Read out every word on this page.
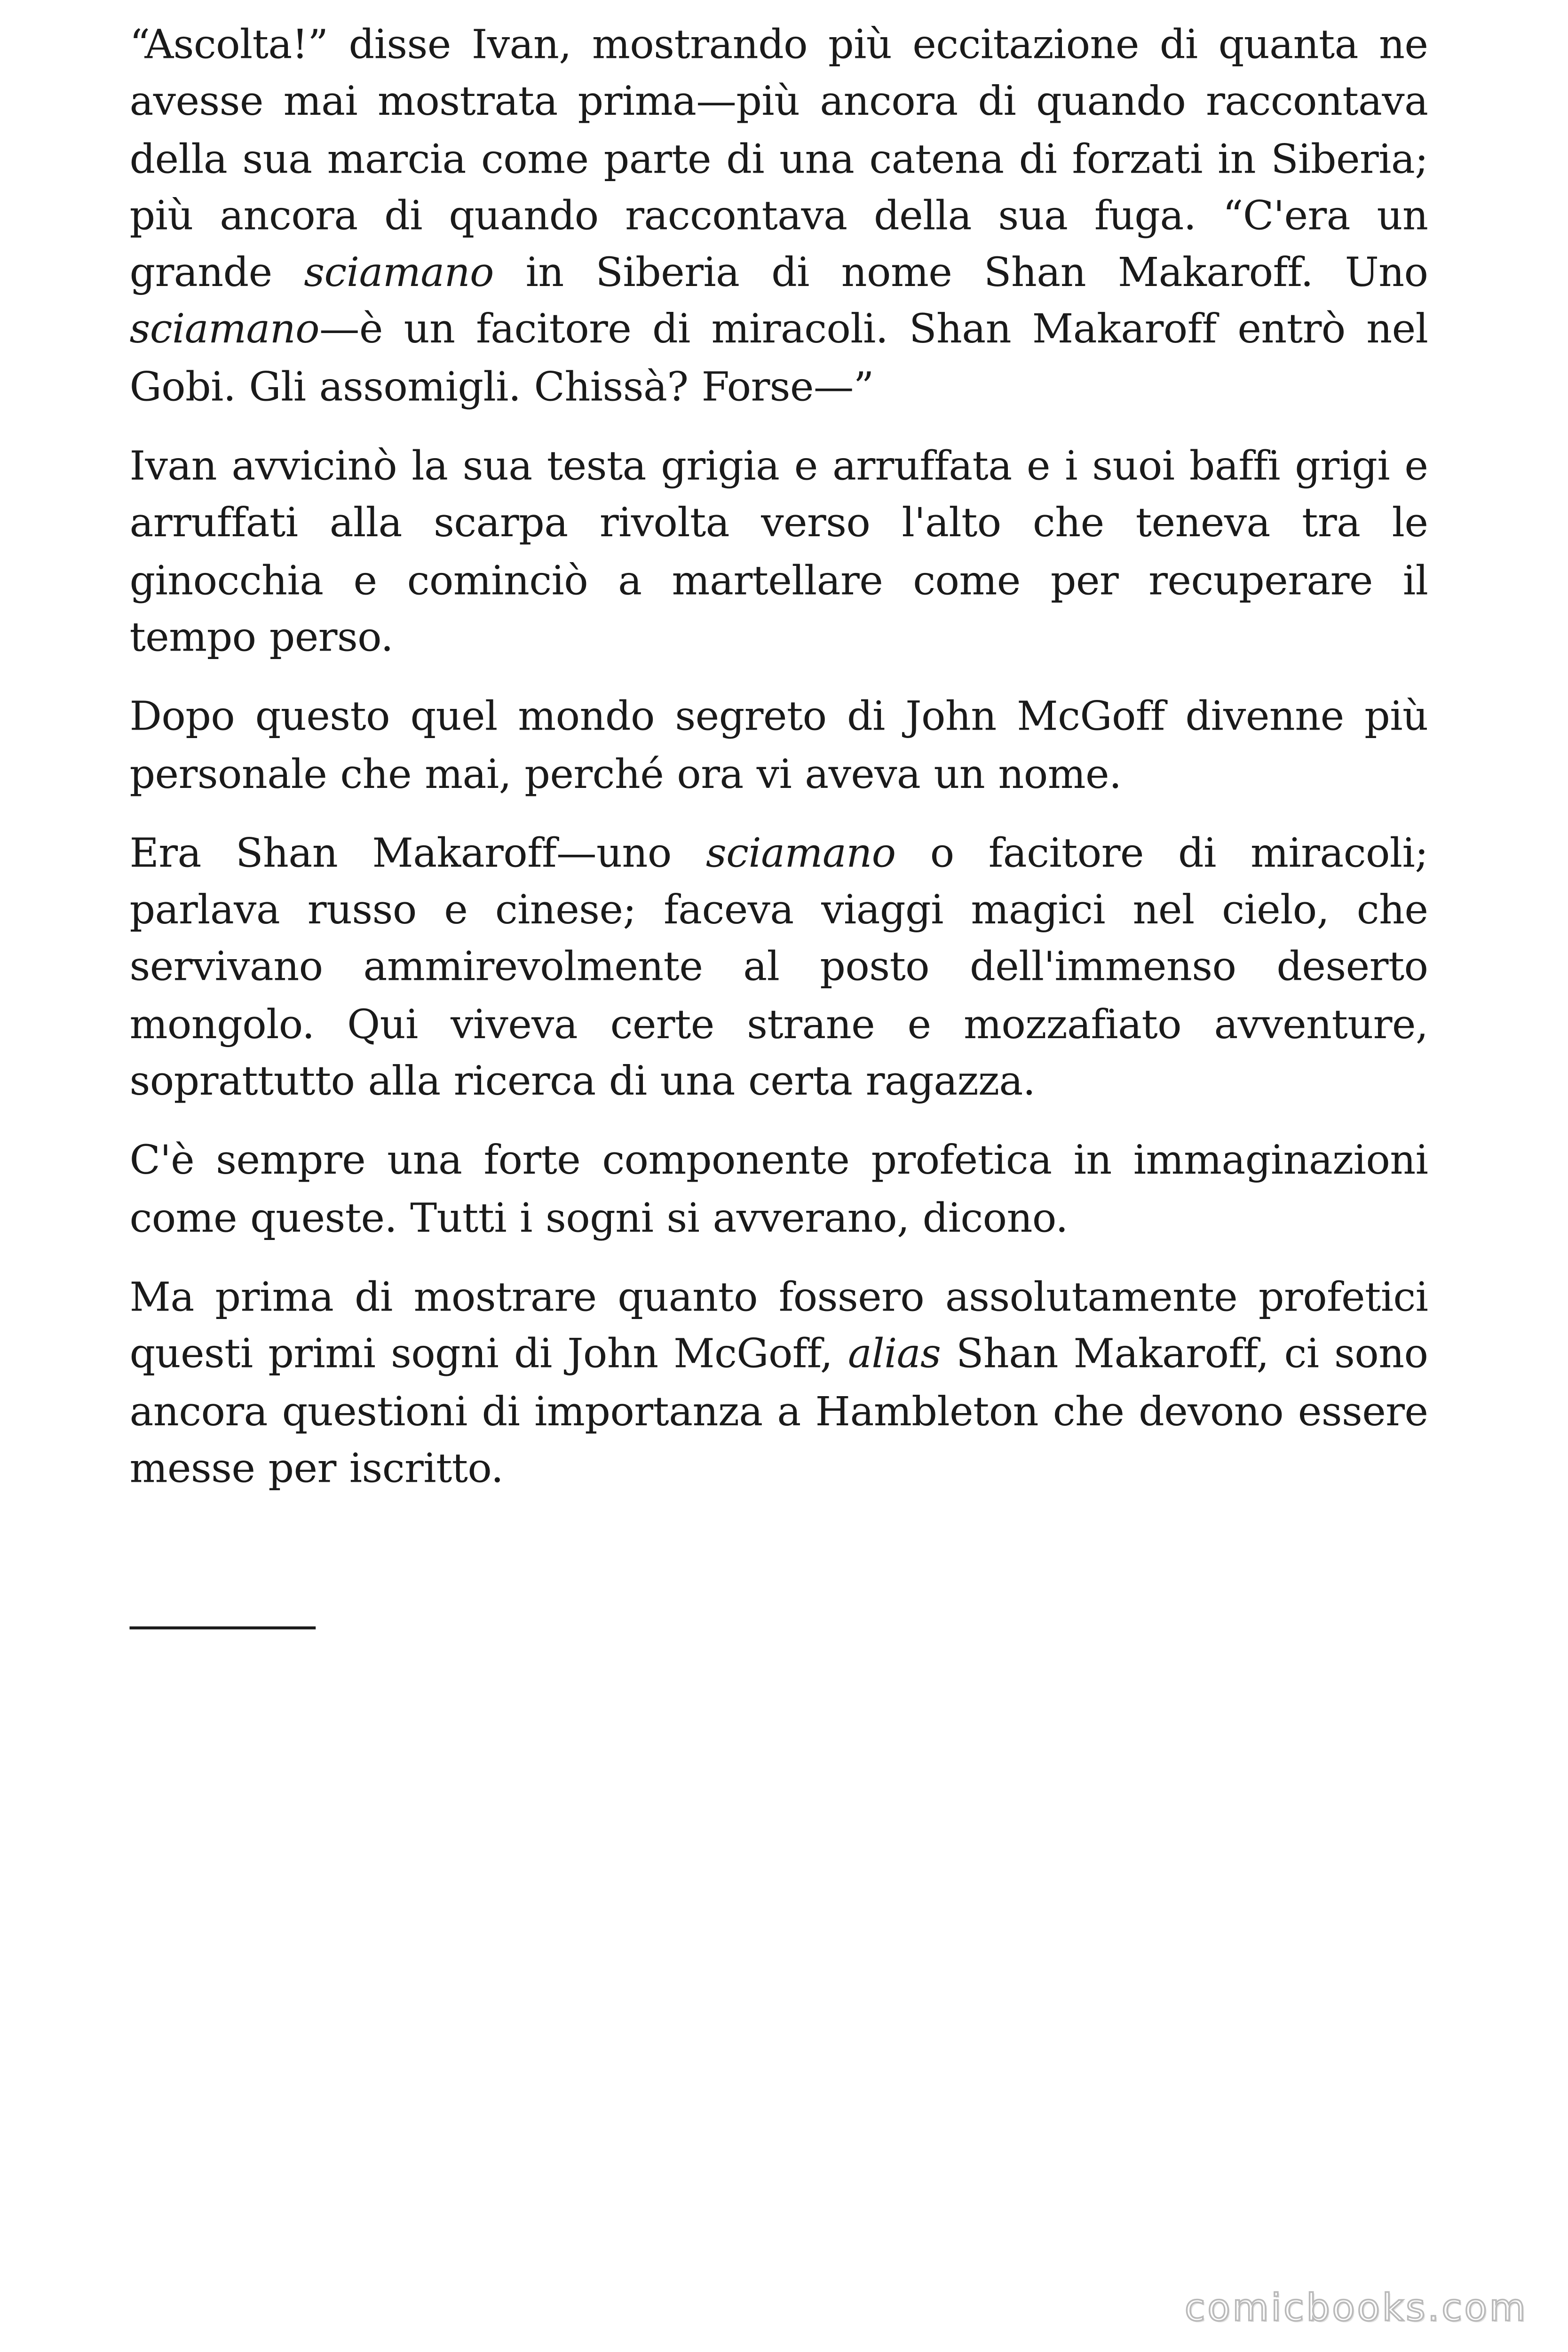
“Ascolta!” disse Ivan, mostrando più eccitazione di quanta ne avesse mai mostrata prima—più ancora di quando raccontava della sua marcia come parte di una catena di forzati in Siberia; più ancora di quando raccontava della sua fuga. “C'era un grande sciamano in Siberia di nome Shan Makaroff. Uno sciamano—è un facitore di miracoli. Shan Makaroff entrò nel Gobi. Gli assomigli. Chissà? Forse—”

Ivan avvicinò la sua testa grigia e arruffata e i suoi baffi grigi e arruffati alla scarpa rivolta verso l'alto che teneva tra le ginocchia e cominciò a martellare come per recuperare il tempo perso.

Dopo questo quel mondo segreto di John McGoff divenne più personale che mai, perché ora vi aveva un nome.

Era Shan Makaroff—uno sciamano o facitore di miracoli; parlava russo e cinese; faceva viaggi magici nel cielo, che servivano ammirevolmente al posto dell'immenso deserto mongolo. Qui viveva certe strane e mozzafiato avventure, soprattutto alla ricerca di una certa ragazza.

C'è sempre una forte componente profetica in immaginazioni come queste. Tutti i sogni si avverano, dicono.

Ma prima di mostrare quanto fossero assolutamente profetici questi primi sogni di John McGoff, alias Shan Makaroff, ci sono ancora questioni di importanza a Hambleton che devono essere messe per iscritto.

comicbooks.com
